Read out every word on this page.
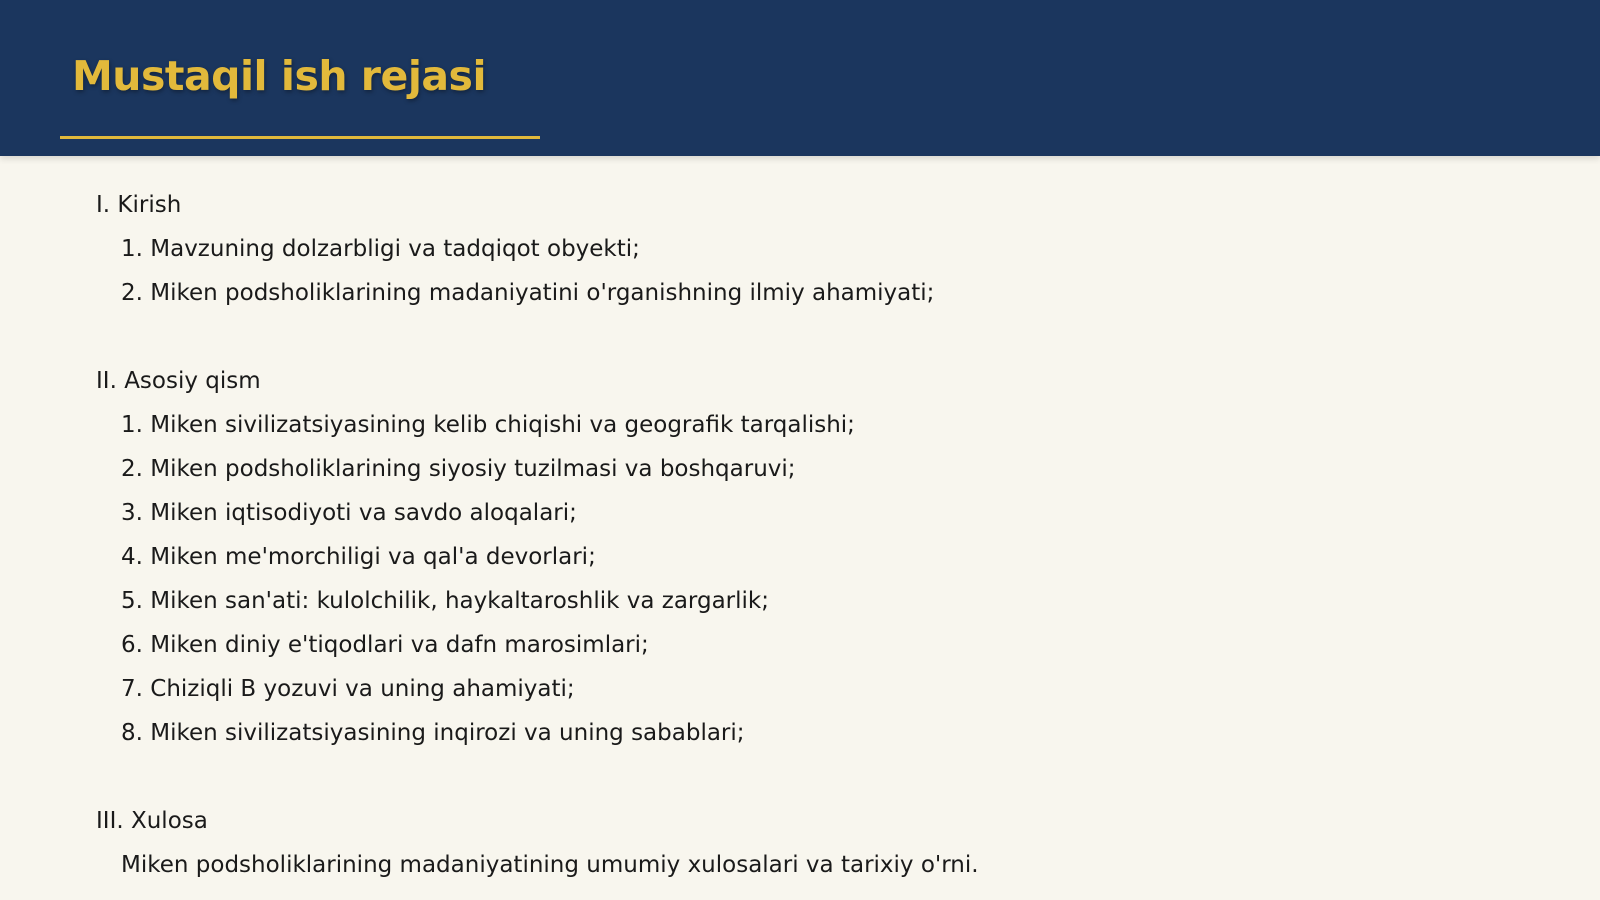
Mustaqil ish rejasi
I. Kirish
1. Mavzuning dolzarbligi va tadqiqot obyekti;
2. Miken podsholiklarining madaniyatini o'rganishning ilmiy ahamiyati;
II. Asosiy qism
1. Miken sivilizatsiyasining kelib chiqishi va geografik tarqalishi;
2. Miken podsholiklarining siyosiy tuzilmasi va boshqaruvi;
3. Miken iqtisodiyoti va savdo aloqalari;
4. Miken me'morchiligi va qal'a devorlari;
5. Miken san'ati: kulolchilik, haykaltaroshlik va zargarlik;
6. Miken diniy e'tiqodlari va dafn marosimlari;
7. Chiziqli B yozuvi va uning ahamiyati;
8. Miken sivilizatsiyasining inqirozi va uning sabablari;
III. Xulosa
Miken podsholiklarining madaniyatining umumiy xulosalari va tarixiy o'rni.
